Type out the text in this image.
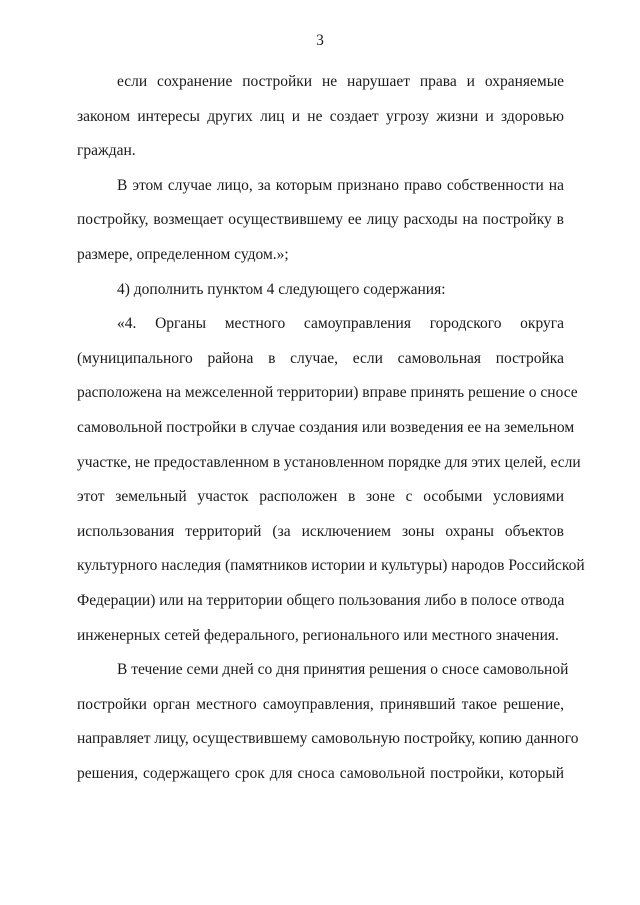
3
если сохранение постройки не нарушает права и охраняемые
законом интересы других лиц и не создает угрозу жизни и здоровью
граждан.
В этом случае лицо, за которым признано право собственности на
постройку, возмещает осуществившему ее лицу расходы на постройку в
размере, определенном судом.»;
4) дополнить пунктом 4 следующего содержания:
«4. Органы местного самоуправления городского округа
(муниципального района в случае, если самовольная постройка
расположена на межселенной территории) вправе принять решение о сносе
самовольной постройки в случае создания или возведения ее на земельном
участке, не предоставленном в установленном порядке для этих целей, если
этот земельный участок расположен в зоне с особыми условиями
использования территорий (за исключением зоны охраны объектов
культурного наследия (памятников истории и культуры) народов Российской
Федерации) или на территории общего пользования либо в полосе отвода
инженерных сетей федерального, регионального или местного значения.
В течение семи дней со дня принятия решения о сносе самовольной
постройки орган местного самоуправления, принявший такое решение,
направляет лицу, осуществившему самовольную постройку, копию данного
решения, содержащего срок для сноса самовольной постройки, который
